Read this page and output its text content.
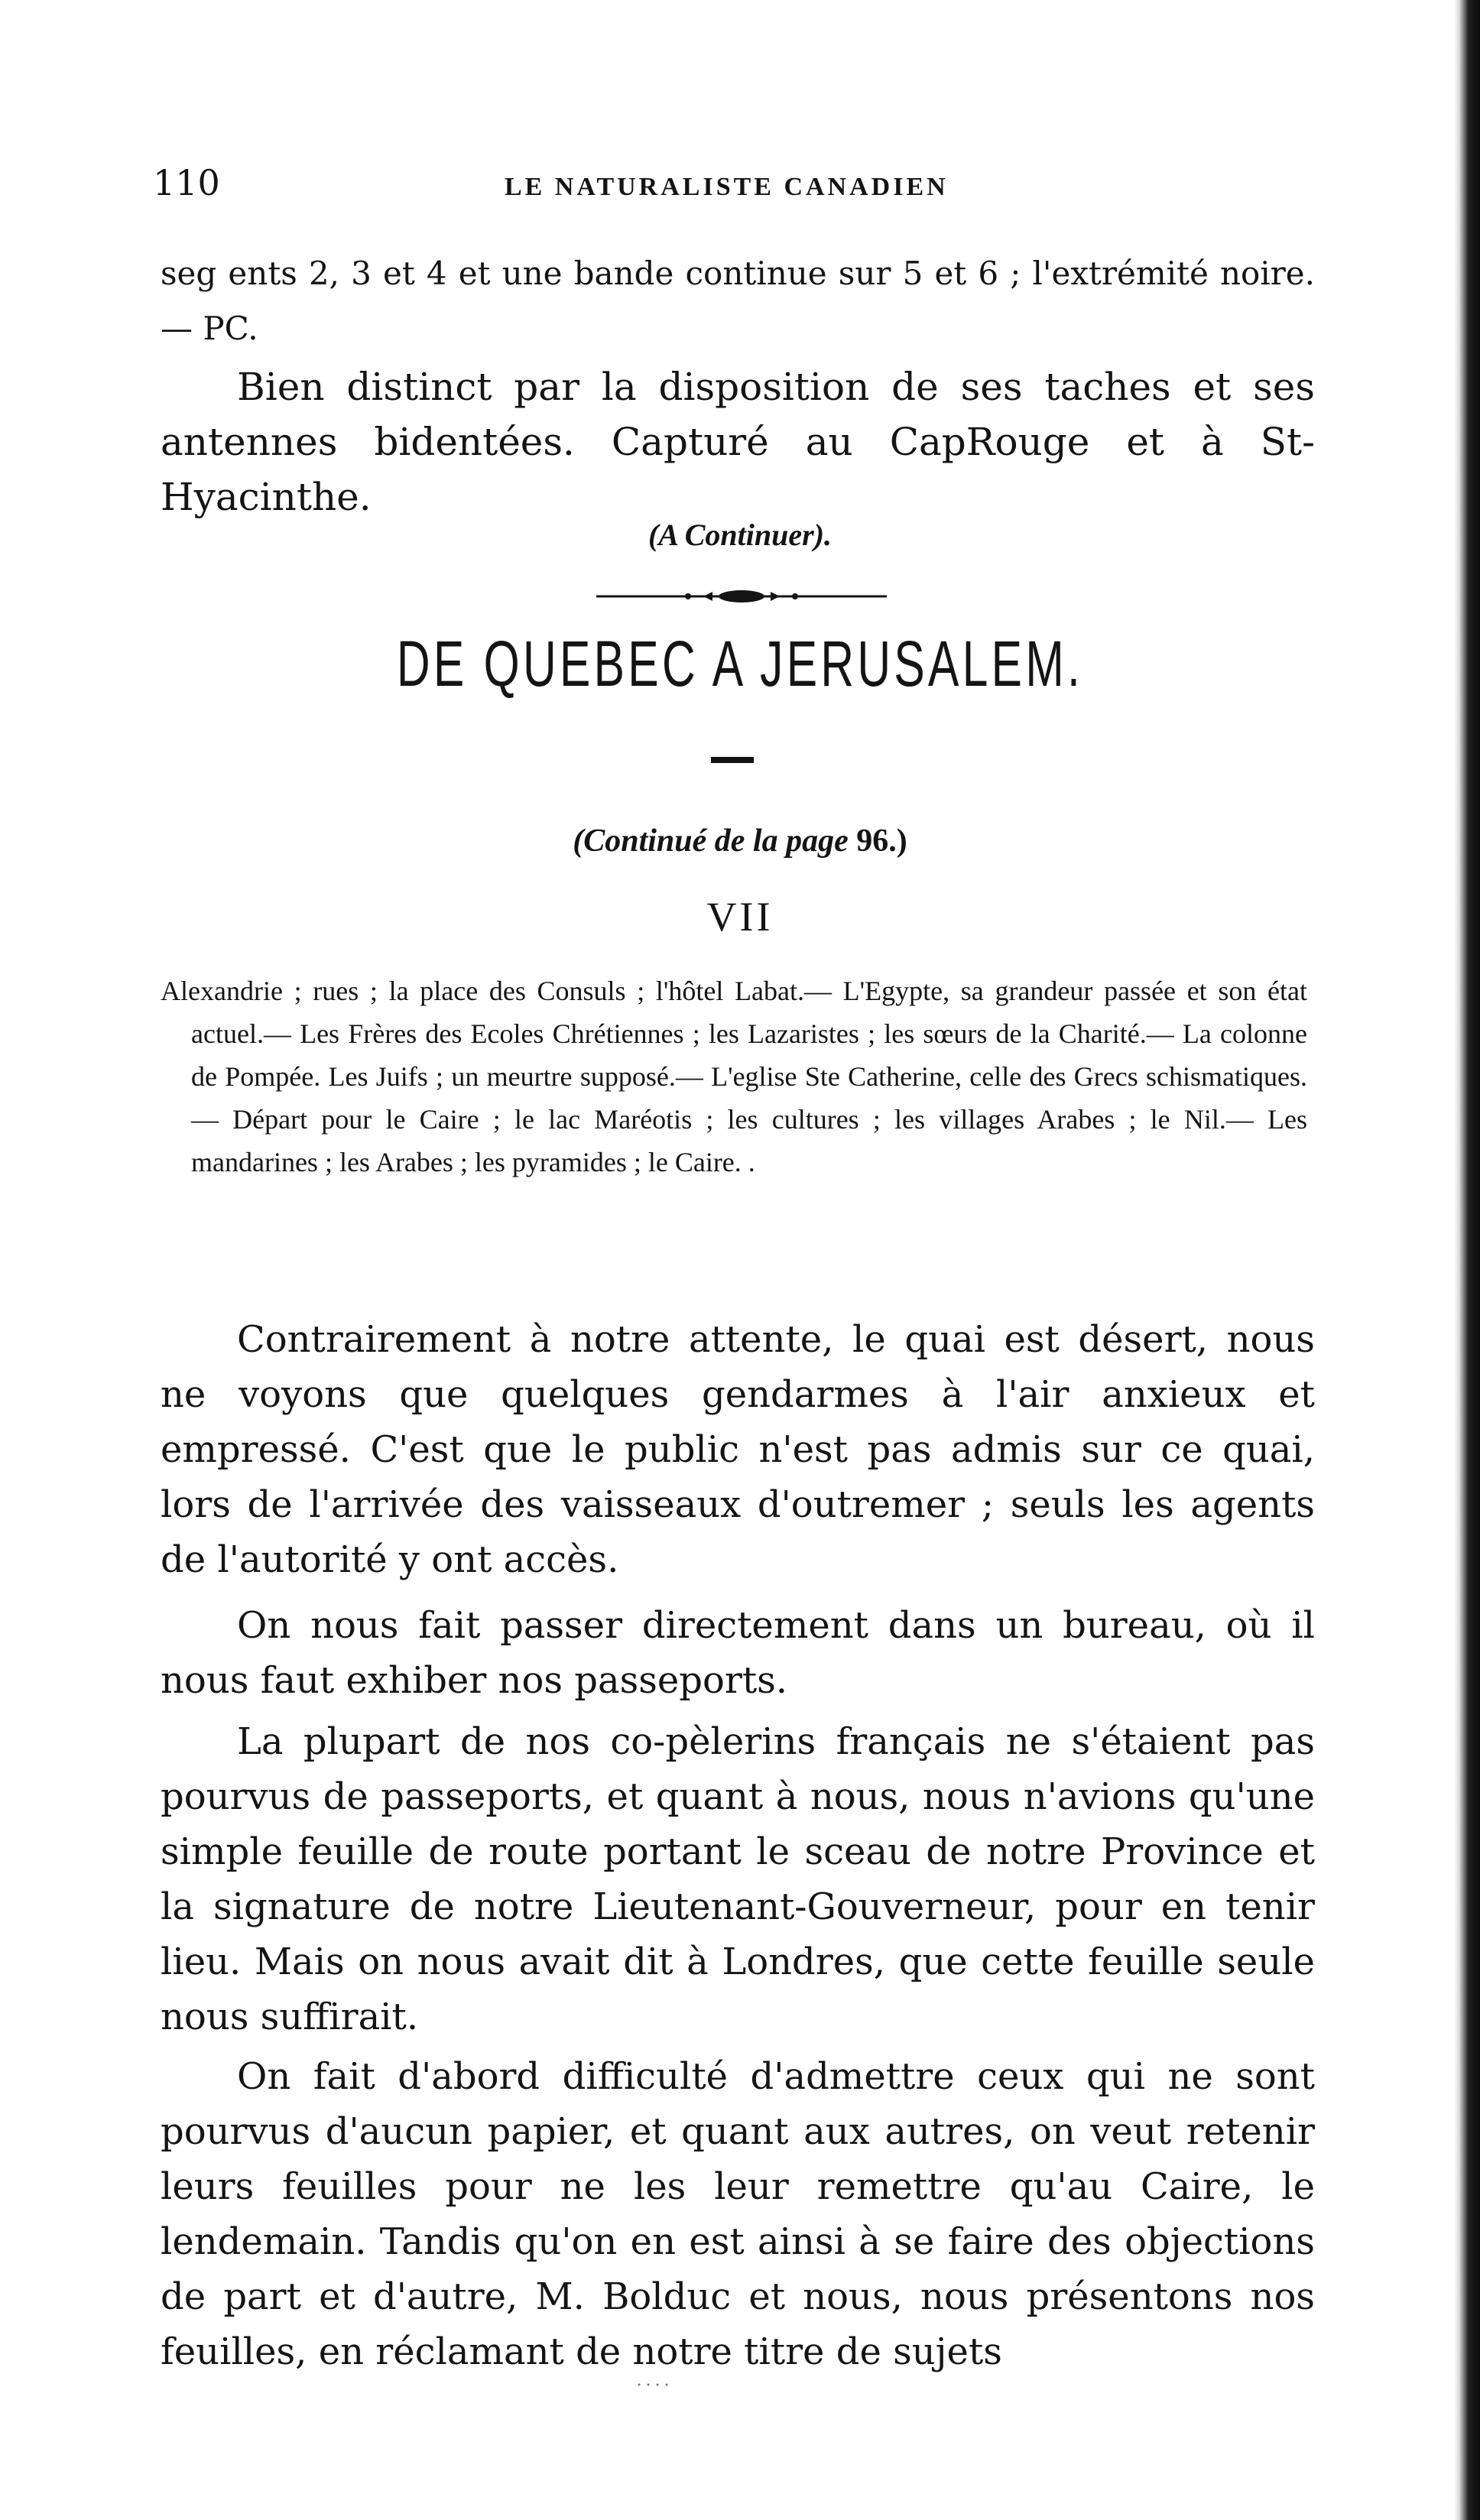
110	LE NATURALISTE CANADIEN

seg ents 2, 3 et 4 et une bande continue sur 5 et 6 ; l'extrémité noire.— PC.

Bien distinct par la disposition de ses taches et ses antennes bidentées. Capturé au CapRouge et à St-Hyacinthe.

(A Continuer).
DE QUEBEC A JERUSALEM.
(Continué de la page 96.)
VII

Alexandrie ; rues ; la place des Consuls ; l'hôtel Labat.— L'Egypte, sa grandeur passée et son état actuel.— Les Frères des Ecoles Chrétiennes ; les Lazaristes ; les sœurs de la Charité.— La colonne de Pompée. Les Juifs ; un meurtre supposé.— L'eglise Ste Catherine, celle des Grecs schismatiques.— Départ pour le Caire ; le lac Maréotis ; les cultures ; les villages Arabes ; le Nil.— Les mandarines ; les Arabes ; les pyramides ; le Caire. .

Contrairement à notre attente, le quai est désert, nous ne voyons que quelques gendarmes à l'air anxieux et empressé. C'est que le public n'est pas admis sur ce quai, lors de l'arrivée des vaisseaux d'outremer ; seuls les agents de l'autorité y ont accès.

On nous fait passer directement dans un bureau, où il nous faut exhiber nos passeports.

La plupart de nos co-pèlerins français ne s'étaient pas pourvus de passeports, et quant à nous, nous n'avions qu'une simple feuille de route portant le sceau de notre Province et la signature de notre Lieutenant-Gouverneur, pour en tenir lieu. Mais on nous avait dit à Londres, que cette feuille seule nous suffirait.

On fait d'abord difficulté d'admettre ceux qui ne sont pourvus d'aucun papier, et quant aux autres, on veut retenir leurs feuilles pour ne les leur remettre qu'au Caire, le lendemain. Tandis qu'on en est ainsi à se faire des objections de part et d'autre, M. Bolduc et nous, nous présentons nos feuilles, en réclamant de notre titre de sujets
